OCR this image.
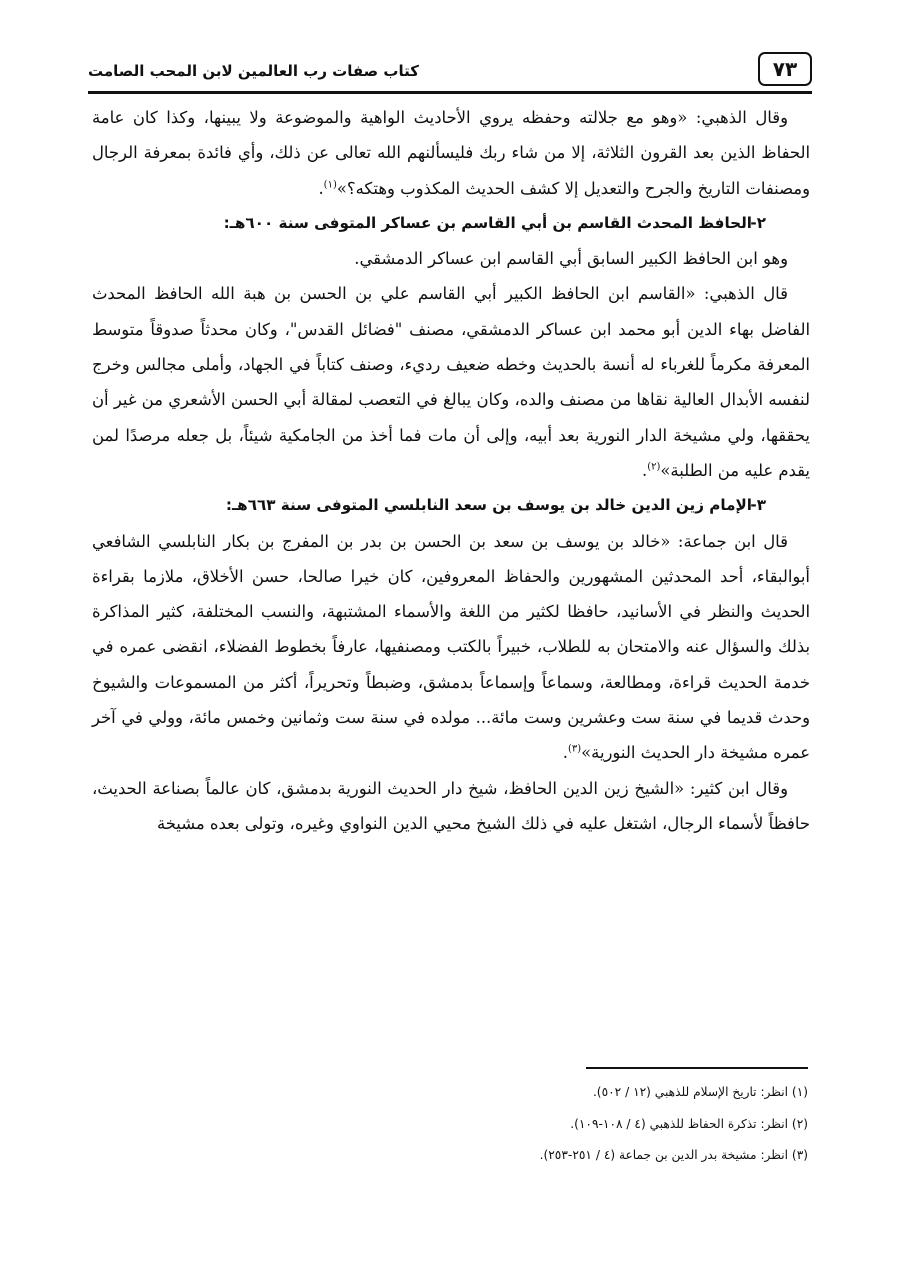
كتاب صفات رب العالمين لابن المحب الصامت	٧٣

وقال الذهبي: «وهو مع جلالته وحفظه يروي الأحاديث الواهية والموضوعة ولا يبينها، وكذا كان عامة الحفاظ الذين بعد القرون الثلاثة، إلا من شاء ربك فليسألنهم الله تعالى عن ذلك، وأي فائدة بمعرفة الرجال ومصنفات التاريخ والجرح والتعديل إلا كشف الحديث المكذوب وهتكه؟»$^{(١)}$.

٢-الحافظ المحدث القاسم بن أبي القاسم بن عساكر المتوفى سنة ٦٠٠هـ:

وهو ابن الحافظ الكبير السابق أبي القاسم ابن عساكر الدمشقي.

قال الذهبي: «القاسم ابن الحافظ الكبير أبي القاسم علي بن الحسن بن هبة الله الحافظ المحدث الفاضل بهاء الدين أبو محمد ابن عساكر الدمشقي، مصنف "فضائل القدس"، وكان محدثاً صدوقاً متوسط المعرفة مكرماً للغرباء له أنسة بالحديث وخطه ضعيف رديء، وصنف كتاباً في الجهاد، وأملى مجالس وخرج لنفسه الأبدال العالية نقاها من مصنف والده، وكان يبالغ في التعصب لمقالة أبي الحسن الأشعري من غير أن يحققها، ولي مشيخة الدار النورية بعد أبيه، وإلى أن مات فما أخذ من الجامكية شيئاً، بل جعله مرصدًا لمن يقدم عليه من الطلبة»$^{(٢)}$.

٣-الإمام زين الدين خالد بن يوسف بن سعد النابلسي المتوفى سنة ٦٦٣هـ:

قال ابن جماعة: «خالد بن يوسف بن سعد بن الحسن بن بدر بن المفرج بن بكار النابلسي الشافعي أبوالبقاء، أحد المحدثين المشهورين والحفاظ المعروفين، كان خيرا صالحا، حسن الأخلاق، ملازما بقراءة الحديث والنظر في الأسانيد، حافظا لكثير من اللغة والأسماء المشتبهة، والنسب المختلفة، كثير المذاكرة بذلك والسؤال عنه والامتحان به للطلاب، خبيراً بالكتب ومصنفيها، عارفاً بخطوط الفضلاء، انقضى عمره في خدمة الحديث قراءة، ومطالعة، وسماعاً وإسماعاً بدمشق، وضبطاً وتحريراً، أكثر من المسموعات والشيوخ وحدث قديما في سنة ست وعشرين وست مائة... مولده في سنة ست وثمانين وخمس مائة، وولي في آخر عمره مشيخة دار الحديث النورية»$^{(٣)}$.

وقال ابن كثير: «الشيخ زين الدين الحافظ، شيخ دار الحديث النورية بدمشق، كان عالماً بصناعة الحديث، حافظاً لأسماء الرجال، اشتغل عليه في ذلك الشيخ محيي الدين النواوي وغيره، وتولى بعده مشيخة

(١) انظر: تاريخ الإسلام للذهبي (١٢ / ٥٠٢).

(٢) انظر: تذكرة الحفاظ للذهبي (٤ / ١٠٨-١٠٩).

(٣) انظر: مشيخة بدر الدين بن جماعة (٤ / ٢٥١-٢٥٣).
